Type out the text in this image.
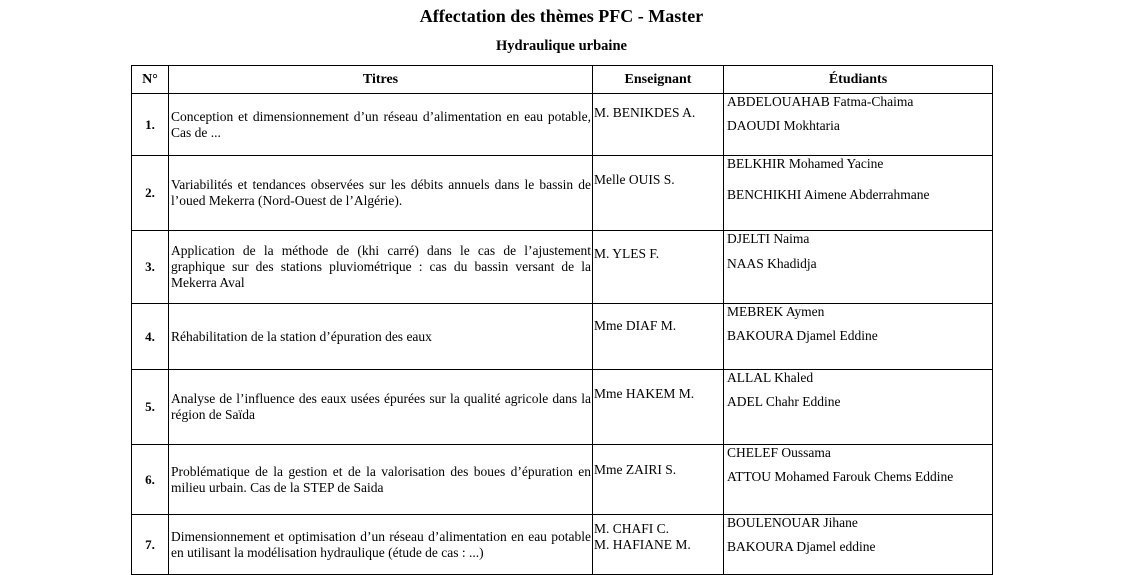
Affectation des thèmes PFC - Master
Hydraulique urbaine
N°	Titres	Enseignant	Étudiants
1.	Conception et dimensionnement d’un réseau d’alimentation en eau potable, Cas de ...	M. BENIKDES A.	ABDELOUAHAB Fatma-Chaima
DAOUDI Mokhtaria

2.	Variabilités et tendances observées sur les débits annuels dans le bassin de l’oued Mekerra (Nord-Ouest de l’Algérie).	Melle OUIS S.	BELKHIR Mohamed Yacine
BENCHIKHI Aimene Abderrahmane

3.	Application de la méthode de (khi carré) dans le cas de l’ajustement graphique sur des stations pluviométrique : cas du bassin versant de la Mekerra Aval	M. YLES F.	DJELTI Naima
NAAS Khadidja

4.	Réhabilitation de la station d’épuration des eaux	Mme DIAF M.	MEBREK Aymen
BAKOURA Djamel Eddine

5.	Analyse de l’influence des eaux usées épurées sur la qualité agricole dans la région de Saïda	Mme HAKEM M.	ALLAL Khaled
ADEL Chahr Eddine

6.	Problématique de la gestion et de la valorisation des boues d’épuration en milieu urbain. Cas de la STEP de Saida	Mme ZAIRI S.	CHELEF Oussama
ATTOU Mohamed Farouk Chems Eddine

7.	Dimensionnement et optimisation d’un réseau d’alimentation en eau potable en utilisant la modélisation hydraulique (étude de cas : ...)	M. CHAFI C.
M. HAFIANE M.	BOULENOUAR Jihane
BAKOURA Djamel eddine
